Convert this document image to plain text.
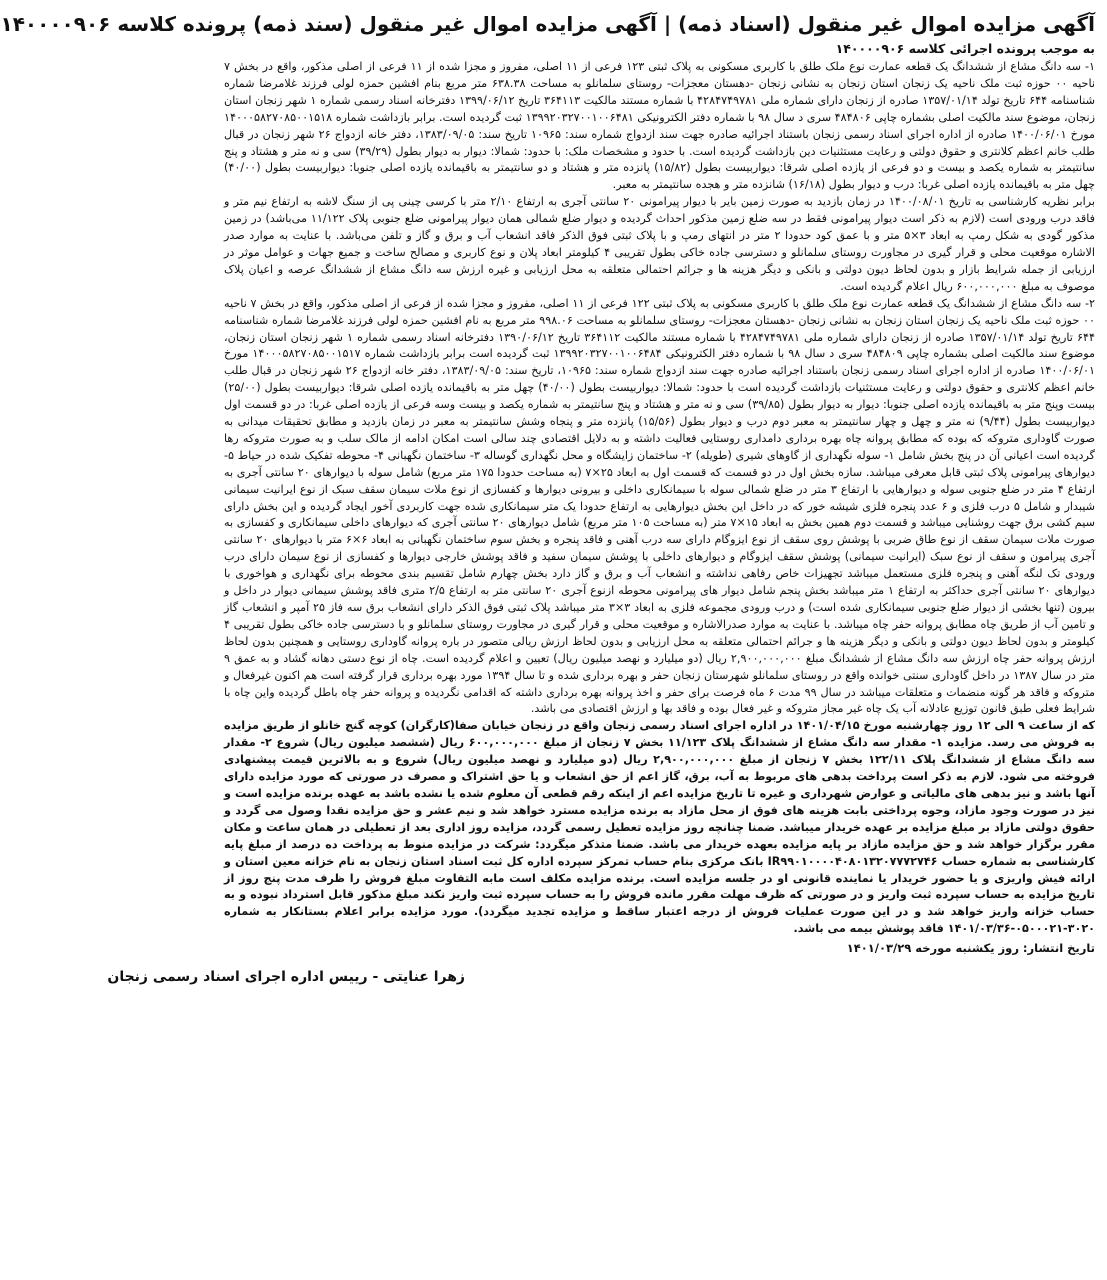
آگهی مزایده اموال غیر منقول (اسناد ذمه) | آگهی مزایده اموال غیر منقول (سند ذمه) پرونده کلاسه ۱۴۰۰۰۰۹۰۶

به موجب پرونده اجرائی کلاسه ۱۴۰۰۰۰۹۰۶

۱- سه دانگ مشاع از ششدانگ یک قطعه عمارت نوع ملک طلق با کاربری مسکونی به پلاک ثبتی ۱۲۳ فرعی از ۱۱ اصلی، مفروز و مجزا شده از ۱۱ فرعی از اصلی مذکور، واقع در بخش ۷ ناحیه ۰۰ حوزه ثبت ملک ناحیه یک زنجان استان زنجان به نشانی زنجان -دهستان معجزات- روستای سلمانلو به مساحت ۶۳۸.۳۸ متر مربع بنام افشین حمزه لولی فرزند غلامرضا شماره شناسنامه ۶۴۴ تاریخ تولد ۱۳۵۷/۰۱/۱۴ صادره از زنجان دارای شماره ملی ۴۲۸۴۷۴۹۷۸۱ با شماره مستند مالکیت ۳۶۴۱۱۳ تاریخ ۱۳۹۹/۰۶/۱۲ دفترخانه اسناد رسمی شماره ۱ شهر زنجان استان زنجان، موضوع سند مالکیت اصلی بشماره چاپی ۴۸۴۸۰۶ سری د سال ۹۸ با شماره دفتر الکترونیکی ۱۳۹۹۲۰۳۲۷۰۰۱۰۰۶۴۸۱ ثبت گردیده است. برابر بازداشت شماره ۱۴۰۰۰۵۸۲۷۰۸۵۰۰۱۵۱۸ مورخ ۱۴۰۰/۰۶/۰۱ صادره از اداره اجرای اسناد رسمی زنجان باستناد اجرائیه صادره جهت سند ازدواج شماره سند: ۱۰۹۶۵ تاریخ سند: ۱۳۸۳/۰۹/۰۵، دفتر خانه ازدواج ۲۶ شهر زنجان در قبال طلب خانم اعظم کلانتری و حقوق دولتی و رعایت مستثنیات دین بازداشت گردیده است. با حدود و مشخصات ملک: با حدود: شمالا: دیوار به دیوار بطول (۳۹/۲۹) سی و نه متر و هشتاد و پنج سانتیمتر به شماره یکصد و بیست و دو فرعی از یازده اصلی شرقا: دیواربیست بطول (۱۵/۸۲) پانزده متر و هشتاد و دو سانتیمتر به باقیمانده یازده اصلی جنوبا: دیواربیست بطول (۴۰/۰۰) چهل متر به باقیمانده یازده اصلی غربا: درب و دیوار بطول (۱۶/۱۸) شانزده متر و هجده سانتیمتر به معبر.

برابر نظریه کارشناسی به تاریخ ۱۴۰۰/۰۸/۰۱ در زمان بازدید به صورت زمین بایر با دیوار پیرامونی ۲۰ سانتی آجری به ارتفاع ۲/۱۰ متر با کرسی چینی پی از سنگ لاشه به ارتفاع نیم متر و فاقد درب ورودی است (لازم به ذکر است دیوار پیرامونی فقط در سه ضلع زمین مذکور احداث گردیده و دیوار ضلع شمالی همان دیوار پیرامونی ضلع جنوبی پلاک ۱۱/۱۲۲ می‌باشد) در زمین مذکور گودی به شکل رمپ به ابعاد ۳×۵ متر و با عمق کود حدودا ۲ متر در انتهای رمپ و با پلاک ثبتی فوق الذکر فاقد انشعاب آب و برق و گاز و تلفن می‌باشد. با عنایت به موارد صدر الاشاره موقعیت محلی و قرار گیری در مجاورت روستای سلمانلو و دسترسی جاده خاکی بطول تقریبی ۴ کیلومتر ابعاد پلان و نوع کاربری و مصالح ساخت و جمیع جهات و عوامل موثر در ارزیابی از جمله شرایط بازار و بدون لحاظ دیون دولتی و بانکی و دیگر هزینه ها و جرائم احتمالی متعلقه به محل ارزیابی و غیره ارزش سه دانگ مشاع از ششدانگ عرصه و اعیان پلاک موصوف به مبلغ ۶۰۰,۰۰۰,۰۰۰ ریال اعلام گردیده است.

۲- سه دانگ مشاع از ششدانگ یک قطعه عمارت نوع ملک طلق با کاربری مسکونی به پلاک ثبتی ۱۲۲ فرعی از ۱۱ اصلی، مفروز و مجزا شده از فرعی از اصلی مذکور، واقع در بخش ۷ ناحیه ۰۰ حوزه ثبت ملک ناحیه یک زنجان استان زنجان به نشانی زنجان -دهستان معجزات- روستای سلمانلو به مساحت ۹۹۸.۰۶ متر مربع به نام افشین حمزه لولی فرزند غلامرضا شماره شناسنامه ۶۴۴ تاریخ تولد ۱۳۵۷/۰۱/۱۴ صادره از زنجان دارای شماره ملی ۴۲۸۴۷۴۹۷۸۱ با شماره مستند مالکیت ۳۶۴۱۱۲ تاریخ ۱۳۹۰/۰۶/۱۲ دفترخانه اسناد رسمی شماره ۱ شهر زنجان استان زنجان، موضوع سند مالکیت اصلی بشماره چاپی ۴۸۴۸۰۹ سری د سال ۹۸ با شماره دفتر الکترونیکی ۱۳۹۹۲۰۳۲۷۰۰۱۰۰۶۴۸۴ ثبت گردیده است برابر بازداشت شماره ۱۴۰۰۰۵۸۲۷۰۸۵۰۰۱۵۱۷ مورخ ۱۴۰۰/۰۶/۰۱ صادره از اداره اجرای اسناد رسمی زنجان باستناد اجرائیه صادره جهت سند ازدواج شماره سند: ۱۰۹۶۵، تاریخ سند: ۱۳۸۳/۰۹/۰۵، دفتر خانه ازدواج ۲۶ شهر زنجان در قبال طلب خانم اعظم کلانتری و حقوق دولتی و رعایت مستثنیات بازداشت گردیده است با حدود: شمالا: دیواربیست بطول (۴۰/۰۰) چهل متر به باقیمانده یازده اصلی شرقا: دیواربیست بطول (۲۵/۰۰) بیست وپنج متر به باقیمانده یازده اصلی جنوبا: دیوار به دیوار بطول (۳۹/۸۵) سی و نه متر و هشتاد و پنج سانتیمتر به شماره یکصد و بیست وسه فرعی از یازده اصلی غربا: در دو قسمت اول دیواربیست بطول (۹/۴۴) نه متر و چهل و چهار سانتیمتر به معبر دوم درب و دیوار بطول (۱۵/۵۶) پانزده متر و پنجاه وشش سانتیمتر به معبر در زمان بازدید و مطابق تحقیقات میدانی به صورت گاوداری متروکه که بوده که مطابق پروانه چاه بهره برداری دامداری روستایی فعالیت داشته و به دلایل اقتصادی چند سالی است امکان ادامه از مالک سلب و به صورت متروکه رها گردیده است اعیانی آن در پنج بخش شامل ۱- سوله نگهداری از گاوهای شیری (طویله) ۲- ساختمان زایشگاه و محل نگهداری گوساله ۳- ساختمان نگهبانی ۴- محوطه تفکیک شده در حیاط ۵- دیوارهای پیرامونی پلاک ثبتی قابل معرفی میباشد. سازه بخش اول در دو قسمت که قسمت اول به ابعاد ۲۵×۷ (به مساحت حدودا ۱۷۵ متر مربع) شامل سوله با دیوارهای ۲۰ سانتی آجری به ارتفاع ۴ متر در ضلع جنوبی سوله و دیوارهایی با ارتفاع ۳ متر در ضلع شمالی سوله با سیمانکاری داخلی و بیرونی دیوارها و کفسازی از نوع ملات سیمان سقف سبک از نوع ایرانیت سیمانی شیبدار و شامل ۵ درب فلزی و ۶ عدد پنجره فلزی شیشه خور که در داخل این بخش دیوارهایی به ارتفاع حدودا یک متر سیمانکاری شده جهت کاربردی آخور ایجاد گردیده و این بخش دارای سیم کشی برق جهت روشنایی میباشد و قسمت دوم همین بخش به ابعاد ۱۵×۷ متر (به مساحت ۱۰۵ متر مربع) شامل دیوارهای ۲۰ سانتی آجری که دیوارهای داخلی سیمانکاری و کفسازی به صورت ملات سیمان سقف از نوع طاق ضربی با پوشش روی سقف از نوع ایزوگام دارای سه درب آهنی و فاقد پنجره و بخش سوم ساختمان نگهبانی به ابعاد ۶×۶ متر با دیوارهای ۲۰ سانتی آجری پیرامون و سقف از نوع سبک (ایرانیت سیمانی) پوشش سقف ایزوگام و دیوارهای داخلی با پوشش سیمان سفید و فاقد پوشش خارجی دیوارها و کفسازی از نوع سیمان دارای درب ورودی تک لنگه آهنی و پنجره فلزی مستعمل میباشد تجهیزات خاص رفاهی نداشته و انشعاب آب و برق و گاز دارد بخش چهارم شامل تقسیم بندی محوطه برای نگهداری و هواخوری با دیوارهای ۲۰ سانتی آجری حداکثر به ارتفاع ۱ متر میباشد بخش پنجم شامل دیوار های پیرامونی محوطه ازنوع آجری ۲۰ سانتی متر به ارتفاع ۲/۵ متری فاقد پوشش سیمانی دیوار در داخل و بیرون (تنها بخشی از دیوار ضلع جنوبی سیمانکاری شده است) و درب ورودی مجموعه فلزی به ابعاد ۳×۳ متر میباشد پلاک ثبتی فوق الذکر دارای انشعاب برق سه فاز ۲۵ آمپر و انشعاب گاز و تامین آب از طریق چاه مطابق پروانه حفر چاه میباشد. با عنایت به موارد صدرالاشاره و موقعیت محلی و قرار گیری در مجاورت روستای سلمانلو و با دسترسی جاده خاکی بطول تقریبی ۴ کیلومتر و بدون لحاظ دیون دولتی و بانکی و دیگر هزینه ها و جرائم احتمالی متعلقه به محل ارزیابی و بدون لحاظ ارزش ریالی متصور در باره پروانه گاوداری روستایی و همچنین بدون لحاظ ارزش پروانه حفر چاه ارزش سه دانگ مشاع از ششدانگ مبلغ ۲,۹۰۰,۰۰۰,۰۰۰ ریال (دو میلیارد و نهصد میلیون ریال) تعیین و اعلام گردیده است. چاه از نوع دستی دهانه گشاد و به عمق ۹ متر در سال ۱۳۸۷ در داخل گاوداری سنتی خوانده واقع در روستای سلمانلو شهرستان زنجان حفر و بهره برداری شده و تا سال ۱۳۹۴ مورد بهره برداری قرار گرفته است هم اکنون غیرفعال و متروکه و فاقد هر گونه منضمات و متعلقات میباشد در سال ۹۹ مدت ۶ ماه فرصت برای حفر و اخذ پروانه بهره برداری داشته که اقدامی نگردیده و پروانه حفر چاه باطل گردیده واین چاه با شرایط فعلی طبق قانون توزیع عادلانه آب یک چاه غیر مجاز متروکه و غیر فعال بوده و فاقد بها و ارزش اقتصادی می باشد.

که از ساعت ۹ الی ۱۲ روز چهارشنبه مورخ ۱۴۰۱/۰۴/۱۵ در اداره اجرای اسناد رسمی زنجان واقع در زنجان خیابان صفا(کارگران) کوچه گنج خانلو از طریق مزایده به فروش می رسد. مزایده ۱- مقدار سه دانگ مشاع از ششدانگ پلاک ۱۱/۱۲۳ بخش ۷ زنجان از مبلغ ۶۰۰,۰۰۰,۰۰۰ ریال (ششصد میلیون ریال) شروع ۲- مقدار سه دانگ مشاع از ششدانگ پلاک ۱۲۲/۱۱ بخش ۷ زنجان از مبلغ ۲,۹۰۰,۰۰۰,۰۰۰ ریال (دو میلیارد و نهصد میلیون ریال) شروع و به بالاترین قیمت پیشنهادی فروخته می شود. لازم به ذکر است پرداخت بدهی های مربوط به آب، برق، گاز اعم از حق انشعاب و یا حق اشتراک و مصرف در صورتی که مورد مزایده دارای آنها باشد و نیز بدهی های مالیاتی و عوارض شهرداری و غیره تا تاریخ مزایده اعم از اینکه رقم قطعی آن معلوم شده یا نشده باشد به عهده برنده مزایده است و نیز در صورت وجود مازاد، وجوه پرداختی بابت هزینه های فوق از محل مازاد به برنده مزایده مسترد خواهد شد و نیم عشر و حق مزایده نقدا وصول می گردد و حقوق دولتی مازاد بر مبلغ مزایده بر عهده خریدار میباشد. ضمنا چنانچه روز مزایده تعطیل رسمی گردد، مزایده روز اداری بعد از تعطیلی در همان ساعت و مکان مقرر برگزار خواهد شد و حق مزایده مازاد بر پایه مزایده بعهده خریدار می باشد. ضمنا متذکر میگردد: شرکت در مزایده منوط به پرداخت ده درصد از مبلغ پایه کارشناسی به شماره حساب IR۹۹۰۱۰۰۰۰۴۰۸۰۱۳۲۰۷۷۷۲۷۴۶ بانک مرکزی بنام حساب تمرکز سپرده اداره کل ثبت اسناد استان زنجان به نام خزانه معین استان و ارائه فیش واریزی و یا حضور خریدار یا نماینده قانونی او در جلسه مزایده است. برنده مزایده مکلف است مابه التفاوت مبلغ فروش را ظرف مدت پنج روز از تاریخ مزایده به حساب سپرده ثبت واریز و در صورتی که ظرف مهلت مقرر مانده فروش را به حساب سپرده ثبت واریز نکند مبلغ مذکور قابل استرداد نبوده و به حساب خزانه واریز خواهد شد و در این صورت عملیات فروش از درجه اعتبار ساقط و مزایده تجدید میگردد). مورد مزایده برابر اعلام بستانکار به شماره ۳۰۲۰-۰۵۰۰۰۲۱-۱۴۰۱/۰۳/۳۶ فاقد پوشش بیمه می باشد.

تاریخ انتشار: روز یکشنبه مورخه ۱۴۰۱/۰۳/۲۹

زهرا عنایتی - رییس اداره اجرای اسناد رسمی زنجان
